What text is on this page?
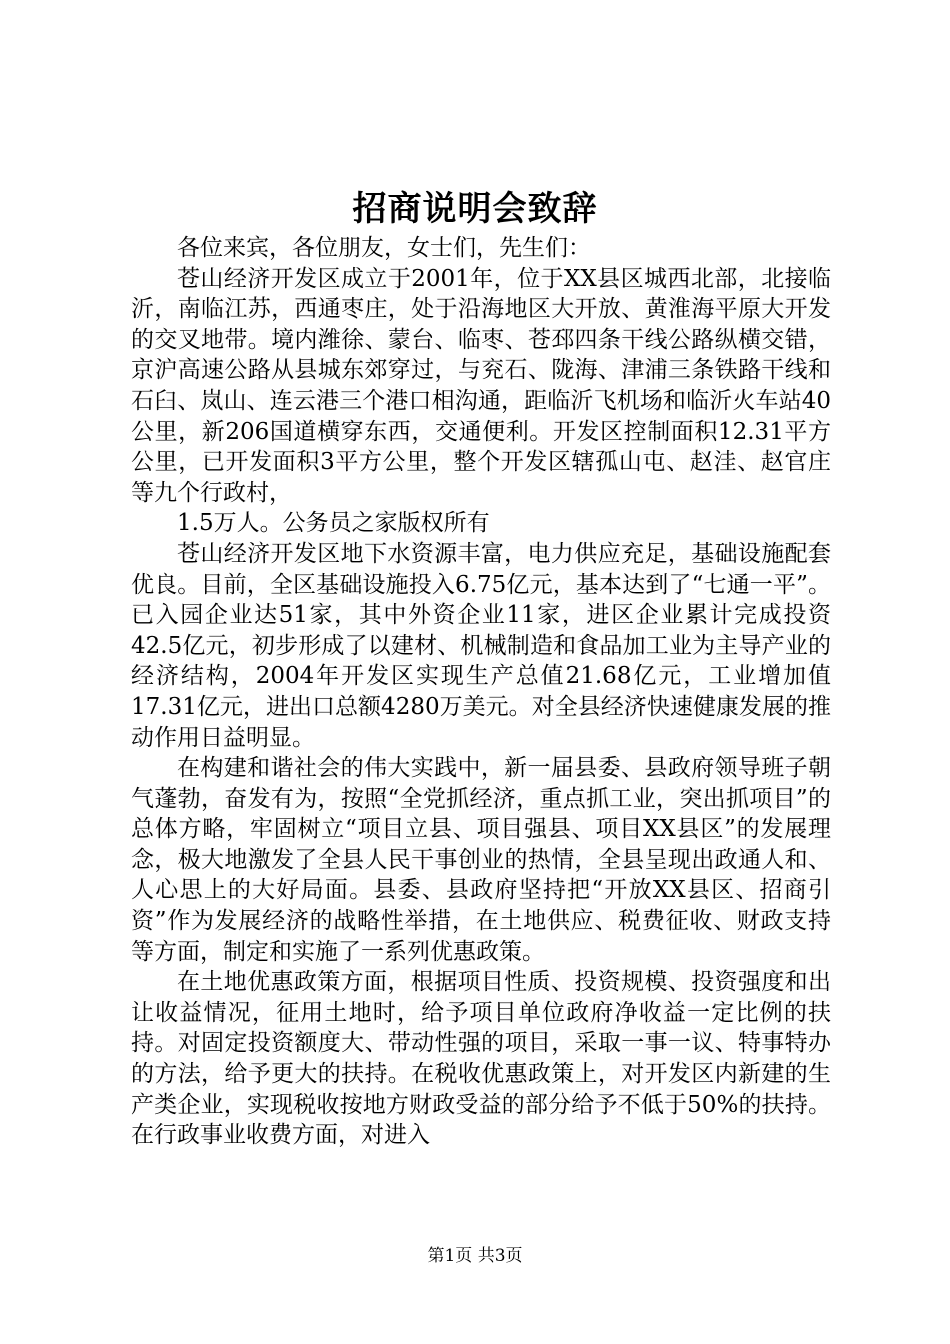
招商说明会致辞

各位来宾，各位朋友，女士们，先生们：

苍山经济开发区成立于2001年，位于XX县区城西北部，北接临沂，南临江苏，西通枣庄，处于沿海地区大开放、黄淮海平原大开发的交叉地带。境内潍徐、蒙台、临枣、苍邳四条干线公路纵横交错，京沪高速公路从县城东郊穿过，与兖石、陇海、津浦三条铁路干线和石臼、岚山、连云港三个港口相沟通，距临沂飞机场和临沂火车站40公里，新206国道横穿东西，交通便利。开发区控制面积12.31平方公里，已开发面积3平方公里，整个开发区辖孤山屯、赵洼、赵官庄等九个行政村，

1.5万人。公务员之家版权所有

苍山经济开发区地下水资源丰富，电力供应充足，基础设施配套优良。目前，全区基础设施投入6.75亿元，基本达到了“七通一平”。已入园企业达51家，其中外资企业11家，进区企业累计完成投资42.5亿元，初步形成了以建材、机械制造和食品加工业为主导产业的经济结构，2004年开发区实现生产总值21.68亿元，工业增加值17.31亿元，进出口总额4280万美元。对全县经济快速健康发展的推动作用日益明显。

在构建和谐社会的伟大实践中，新一届县委、县政府领导班子朝气蓬勃，奋发有为，按照“全党抓经济，重点抓工业，突出抓项目”的总体方略，牢固树立“项目立县、项目强县、项目XX县区”的发展理念，极大地激发了全县人民干事创业的热情，全县呈现出政通人和、人心思上的大好局面。县委、县政府坚持把“开放XX县区、招商引资”作为发展经济的战略性举措，在土地供应、税费征收、财政支持等方面，制定和实施了一系列优惠政策。

在土地优惠政策方面，根据项目性质、投资规模、投资强度和出让收益情况，征用土地时，给予项目单位政府净收益一定比例的扶持。对固定投资额度大、带动性强的项目，采取一事一议、特事特办的方法，给予更大的扶持。在税收优惠政策上，对开发区内新建的生产类企业，实现税收按地方财政受益的部分给予不低于50%的扶持。在行政事业收费方面，对进入

第1页 共3页
